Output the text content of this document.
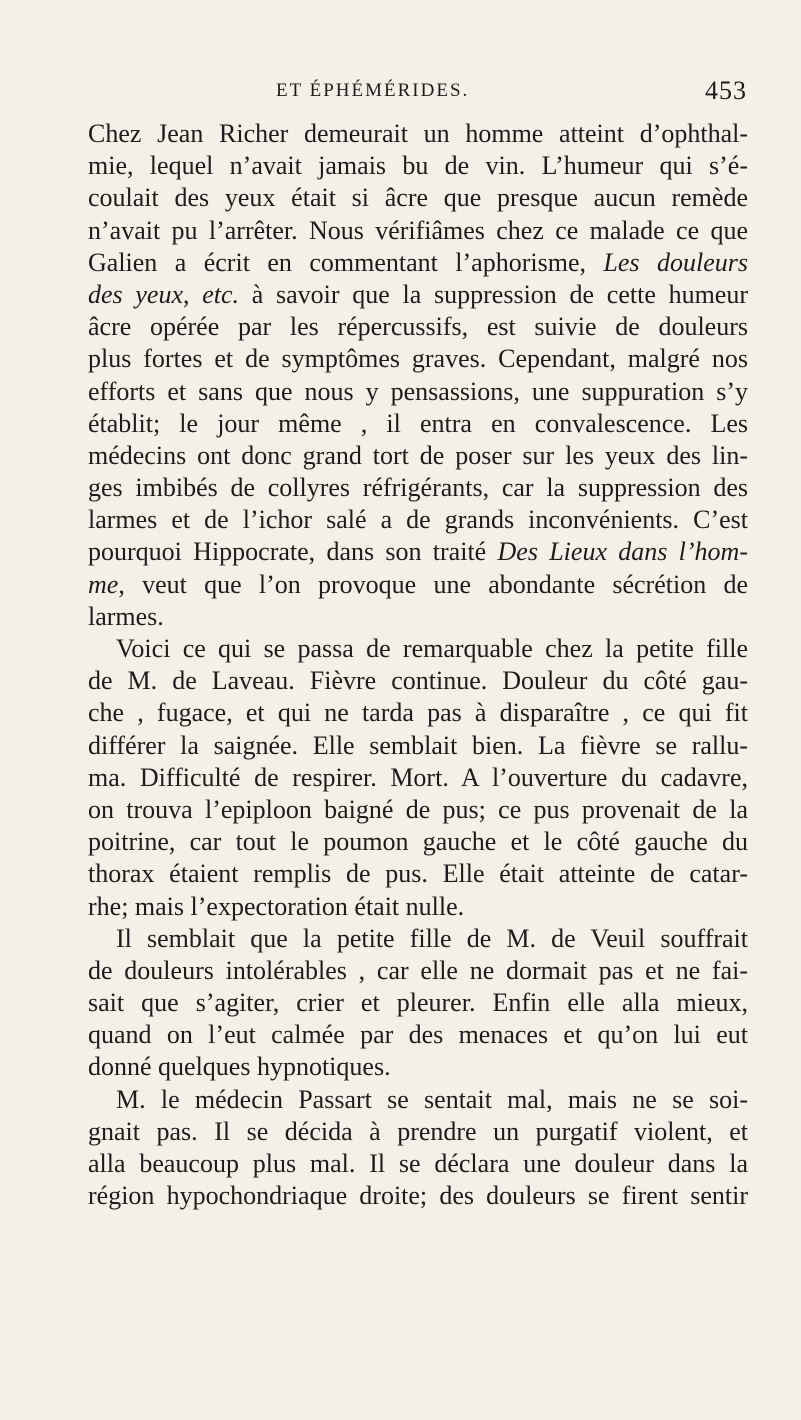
ET ÉPHÉMÉRIDES.	453
Chez Jean Richer demeurait un homme atteint d’ophthal-
mie, lequel n’avait jamais bu de vin. L’humeur qui s’é-
coulait des yeux était si âcre que presque aucun remède
n’avait pu l’arrêter. Nous vérifiâmes chez ce malade ce que
Galien a écrit en commentant l’aphorisme, Les douleurs
des yeux, etc. à savoir que la suppression de cette humeur
âcre opérée par les répercussifs, est suivie de douleurs
plus fortes et de symptômes graves. Cependant, malgré nos
efforts et sans que nous y pensassions, une suppuration s’y
établit; le jour même , il entra en convalescence. Les
médecins ont donc grand tort de poser sur les yeux des lin-
ges imbibés de collyres réfrigérants, car la suppression des
larmes et de l’ichor salé a de grands inconvénients. C’est
pourquoi Hippocrate, dans son traité Des Lieux dans l’hom-
me, veut que l’on provoque une abondante sécrétion de
larmes.
Voici ce qui se passa de remarquable chez la petite fille
de M. de Laveau. Fièvre continue. Douleur du côté gau-
che , fugace, et qui ne tarda pas à disparaître , ce qui fit
différer la saignée. Elle semblait bien. La fièvre se rallu-
ma. Difficulté de respirer. Mort. A l’ouverture du cadavre,
on trouva l’epiploon baigné de pus; ce pus provenait de la
poitrine, car tout le poumon gauche et le côté gauche du
thorax étaient remplis de pus. Elle était atteinte de catar-
rhe; mais l’expectoration était nulle.
Il semblait que la petite fille de M. de Veuil souffrait
de douleurs intolérables , car elle ne dormait pas et ne fai-
sait que s’agiter, crier et pleurer. Enfin elle alla mieux,
quand on l’eut calmée par des menaces et qu’on lui eut
donné quelques hypnotiques.
M. le médecin Passart se sentait mal, mais ne se soi-
gnait pas. Il se décida à prendre un purgatif violent, et
alla beaucoup plus mal. Il se déclara une douleur dans la
région hypochondriaque droite; des douleurs se firent sentir
